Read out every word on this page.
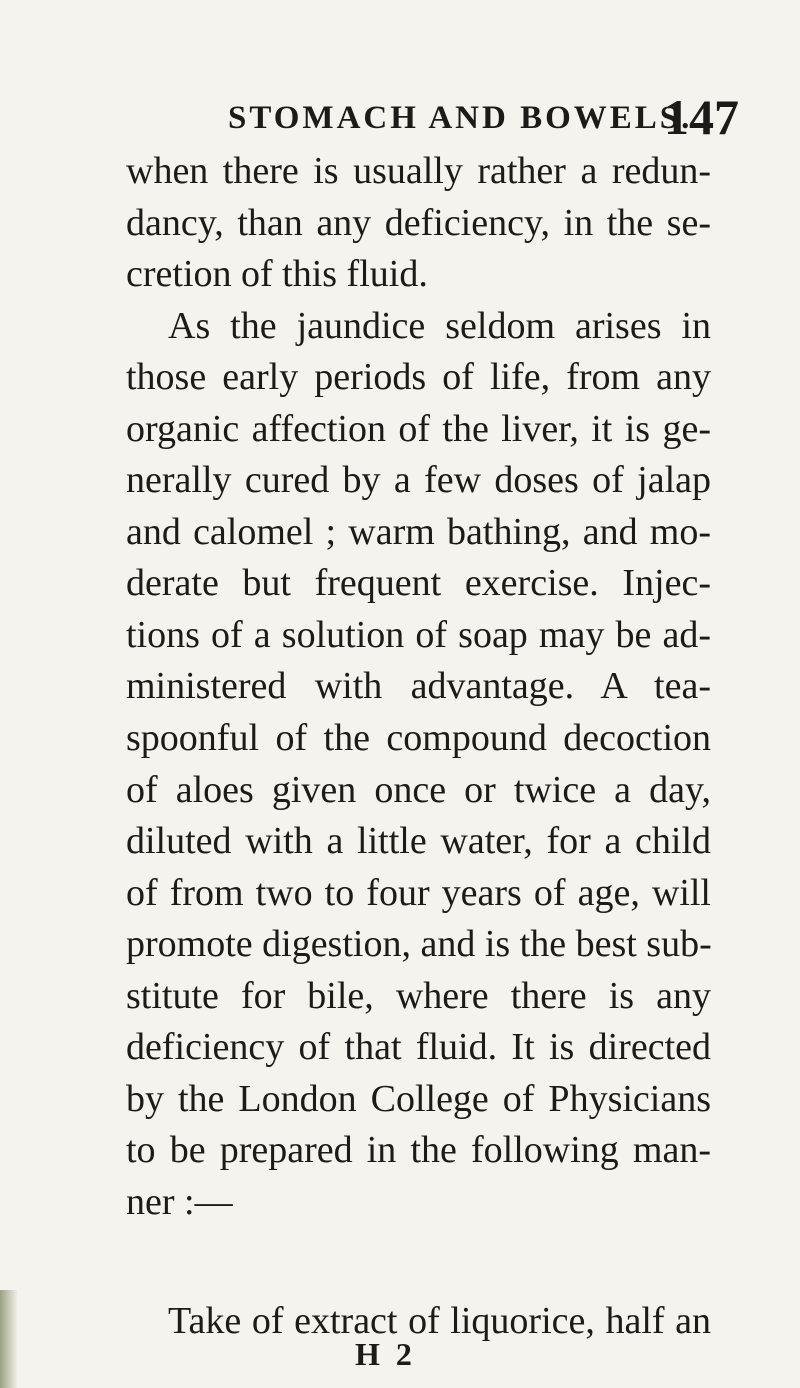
STOMACH AND BOWELS.
147
when there is usually rather a redun-
dancy, than any deficiency, in the se-
cretion of this fluid.
As the jaundice seldom arises in
those early periods of life, from any
organic affection of the liver, it is ge-
nerally cured by a few doses of jalap
and calomel ; warm bathing, and mo-
derate but frequent exercise. Injec-
tions of a solution of soap may be ad-
ministered with advantage. A tea-
spoonful of the compound decoction
of aloes given once or twice a day,
diluted with a little water, for a child
of from two to four years of age, will
promote digestion, and is the best sub-
stitute for bile, where there is any
deficiency of that fluid. It is directed
by the London College of Physicians
to be prepared in the following man-
ner :—
Take of extract of liquorice, half an
H 2
